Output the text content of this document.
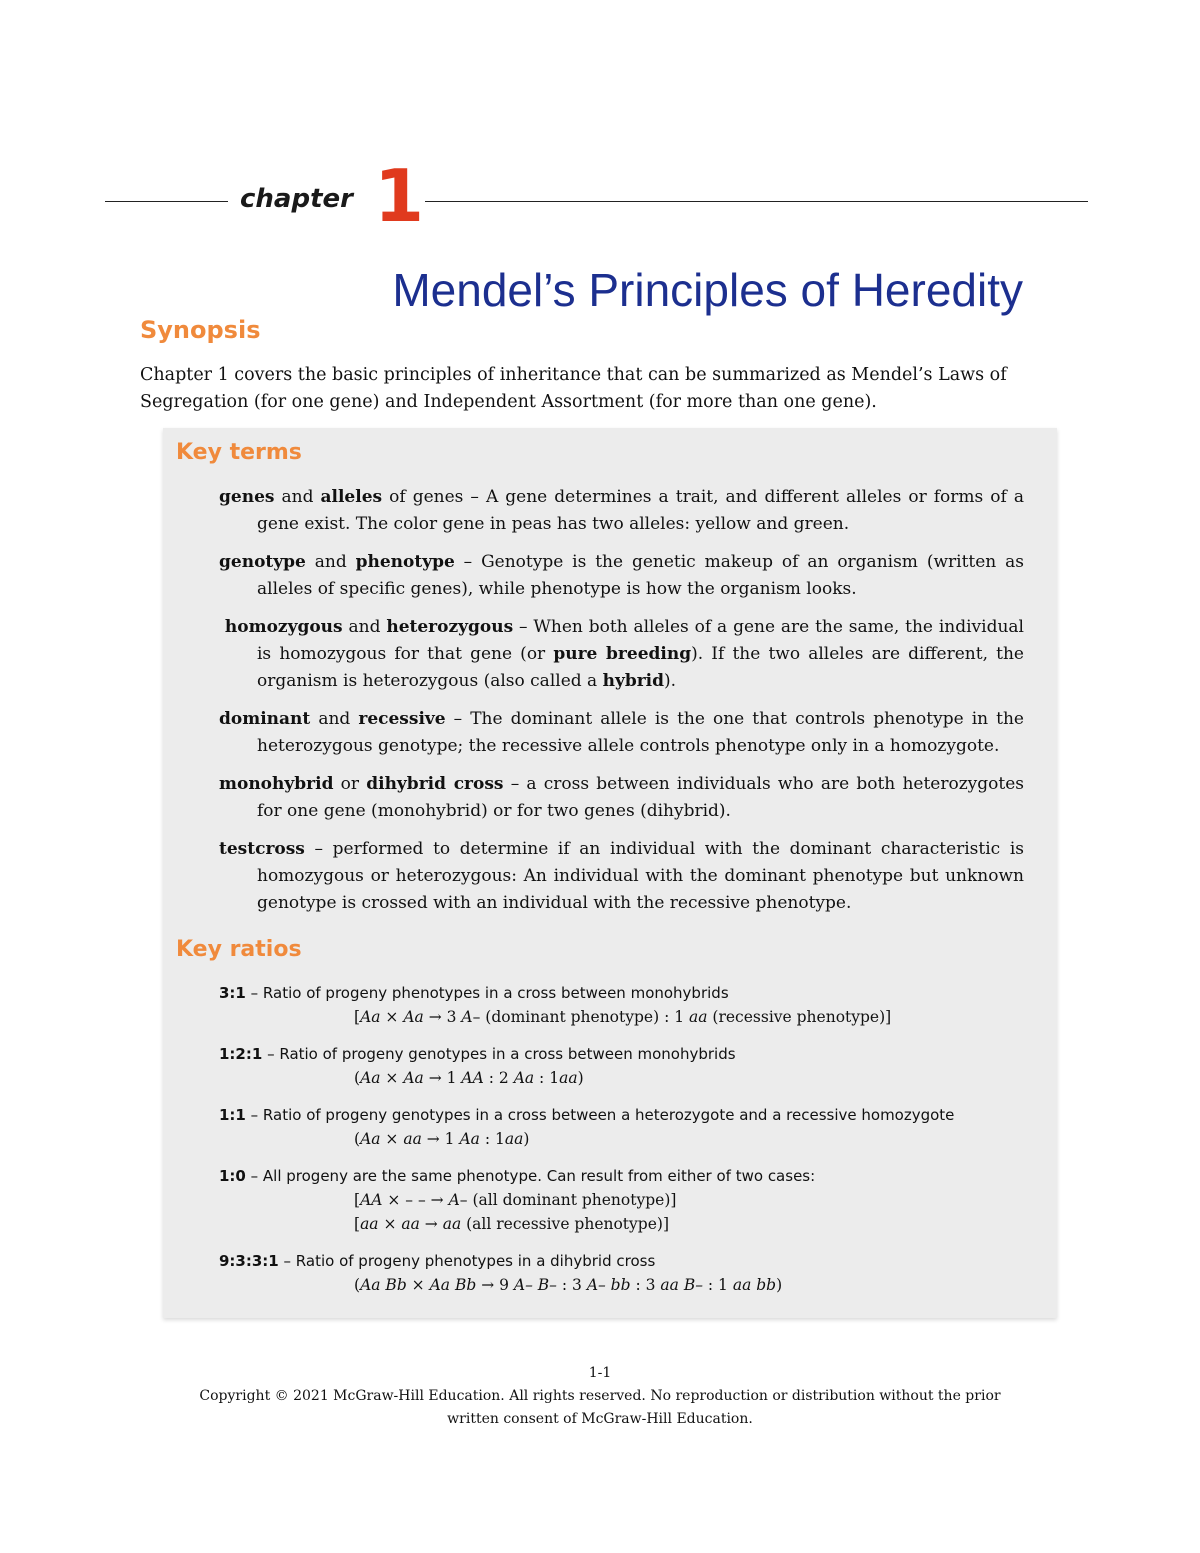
chapter 1
Mendel’s Principles of Heredity
Synopsis

Chapter 1 covers the basic principles of inheritance that can be summarized as Mendel’s Laws of Segregation (for one gene) and Independent Assortment (for more than one gene).

Key terms

genes and alleles of genes – A gene determines a trait, and different alleles or forms of a gene exist. The color gene in peas has two alleles: yellow and green.

genotype and phenotype – Genotype is the genetic makeup of an organism (written as alleles of specific genes), while phenotype is how the organism looks.

homozygous and heterozygous – When both alleles of a gene are the same, the individual is homozygous for that gene (or pure breeding). If the two alleles are different, the organism is heterozygous (also called a hybrid).

dominant and recessive – The dominant allele is the one that controls phenotype in the heterozygous genotype; the recessive allele controls phenotype only in a homozygote.

monohybrid or dihybrid cross – a cross between individuals who are both heterozygotes for one gene (monohybrid) or for two genes (dihybrid).

testcross – performed to determine if an individual with the dominant characteristic is homozygous or heterozygous: An individual with the dominant phenotype but unknown genotype is crossed with an individual with the recessive phenotype.

Key ratios
3:1 – Ratio of progeny phenotypes in a cross between monohybrids
[Aa × Aa → 3 A– (dominant phenotype) : 1 aa (recessive phenotype)]
1:2:1 – Ratio of progeny genotypes in a cross between monohybrids
(Aa × Aa → 1 AA : 2 Aa : 1aa)
1:1 – Ratio of progeny genotypes in a cross between a heterozygote and a recessive homozygote
(Aa × aa → 1 Aa : 1aa)
1:0 – All progeny are the same phenotype. Can result from either of two cases:
[AA × – – → A– (all dominant phenotype)]
[aa × aa → aa (all recessive phenotype)]
9:3:3:1 – Ratio of progeny phenotypes in a dihybrid cross
(Aa Bb × Aa Bb → 9 A– B– : 3 A– bb : 3 aa B– : 1 aa bb)
1-1
Copyright © 2021 McGraw-Hill Education. All rights reserved. No reproduction or distribution without the prior
written consent of McGraw-Hill Education.
